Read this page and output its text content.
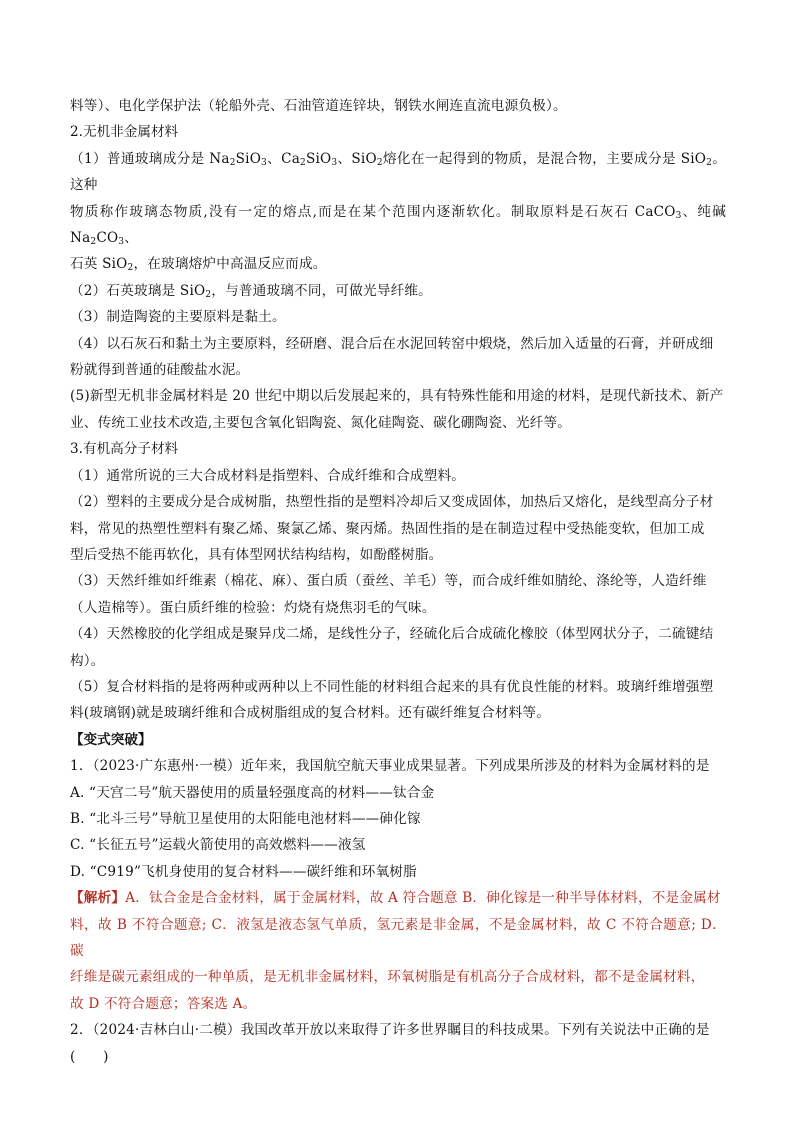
料等）、电化学保护法（轮船外壳、石油管道连锌块，钢铁水闸连直流电源负极）。

2.无机非金属材料

（1）普通玻璃成分是 $Na_2SiO_3$、$Ca_2SiO_3$、SiO$_2$熔化在一起得到的物质，是混合物，主要成分是 SiO$_2$。这种

物质称作玻璃态物质,没有一定的熔点,而是在某个范围内逐渐软化。制取原料是石灰石 CaCO$_3$、纯碱 $Na_2CO_3$、

石英 SiO$_2$，在玻璃熔炉中高温反应而成。

（2）石英玻璃是 SiO$_2$，与普通玻璃不同，可做光导纤维。

（3）制造陶瓷的主要原料是黏土。

（4）以石灰石和黏土为主要原料，经研磨、混合后在水泥回转窑中煅烧，然后加入适量的石膏，并研成细

粉就得到普通的硅酸盐水泥。

(5)新型无机非金属材料是 20 世纪中期以后发展起来的，具有特殊性能和用途的材料，是现代新技术、新产

业、传统工业技术改造,主要包含氧化铝陶瓷、氮化硅陶瓷、碳化硼陶瓷、光纤等。

3.有机高分子材料

（1）通常所说的三大合成材料是指塑料、合成纤维和合成塑料。

（2）塑料的主要成分是合成树脂，热塑性指的是塑料冷却后又变成固体，加热后又熔化，是线型高分子材

料，常见的热塑性塑料有聚乙烯、聚氯乙烯、聚丙烯。热固性指的是在制造过程中受热能变软，但加工成

型后受热不能再软化，具有体型网状结构结构，如酚醛树脂。

（3）天然纤维如纤维素（棉花、麻）、蛋白质（蚕丝、羊毛）等，而合成纤维如腈纶、涤纶等，人造纤维

（人造棉等）。蛋白质纤维的检验：灼烧有烧焦羽毛的气味。

（4）天然橡胶的化学组成是聚异戊二烯，是线性分子，经硫化后合成硫化橡胶（体型网状分子，二硫键结

构）。

（5）复合材料指的是将两种或两种以上不同性能的材料组合起来的具有优良性能的材料。玻璃纤维增强塑

料(玻璃钢)就是玻璃纤维和合成树脂组成的复合材料。还有碳纤维复合材料等。

【变式突破】

1．（2023·广东惠州·一模）近年来，我国航空航天事业成果显著。下列成果所涉及的材料为金属材料的是

A. “天宫二号”航天器使用的质量轻强度高的材料——钛合金

B. “北斗三号”导航卫星使用的太阳能电池材料——砷化镓

C. “长征五号”运载火箭使用的高效燃料——液氢

D. “C919”飞机身使用的复合材料——碳纤维和环氧树脂

【解析】A．钛合金是合金材料，属于金属材料，故 A 符合题意 B．砷化镓是一种半导体材料，不是金属材

料，故 B 不符合题意; C．液氢是液态氢气单质，氢元素是非金属，不是金属材料，故 C 不符合题意; D．碳

纤维是碳元素组成的一种单质，是无机非金属材料，环氧树脂是有机高分子合成材料，都不是金属材料，

故 D 不符合题意；答案选 A。

2．（2024·吉林白山·二模）我国改革开放以来取得了许多世界瞩目的科技成果。下列有关说法中正确的是

(　　)
